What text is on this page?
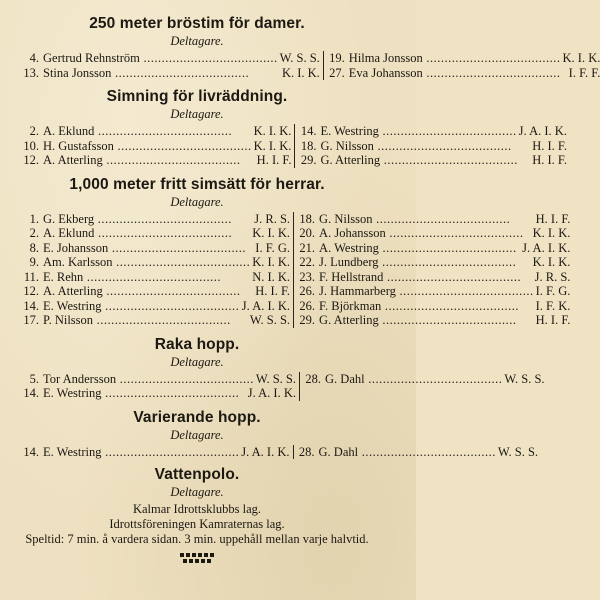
250 meter bröstim för damer.
Deltagare.
4. Gertrud Rehnström .....	W. S. S.
13. Stina Jonsson .....	K. I. K.
19. Hilma Jonsson .....	K. I. K.
27. Eva Johansson .....	I. F. F.
Simning för livräddning.
Deltagare.
2. A. Eklund .....	K. I. K.
10. H. Gustafsson .....	K. I. K.
12. A. Atterling .....	H. I. F.
14. E. Westring .....	J. A. I. K.
18. G. Nilsson .....	H. I. F.
29. G. Atterling .....	H. I. F.
1,000 meter fritt simsätt för herrar.
Deltagare.
1. G. Ekberg .....	J. R. S.
2. A. Eklund .....	K. I. K.
8. E. Johansson .....	I. F. G.
9. Am. Karlsson .....	K. I. K.
11. E. Rehn .....	N. I. K.
12. A. Atterling .....	H. I. F.
14. E. Westring .....	J. A. I. K.
17. P. Nilsson .....	W. S. S.
18. G. Nilsson .....	H. I. F.
20. A. Johansson .....	K. I. K.
21. A. Westring .....	J. A. I. K.
22. J. Lundberg .....	K. I. K.
23. F. Hellstrand .....	J. R. S.
26. J. Hammarberg .....	I. F. G.
26. F. Björkman .....	I. F. K.
29. G. Atterling .....	H. I. F.
Raka hopp.
Deltagare.
5. Tor Andersson .....	W. S. S.
14. E. Westring .....	J. A. I. K.
28. G. Dahl .....	W. S. S.
Varierande hopp.
Deltagare.
14. E. Westring .....	J. A. I. K. 28. G. Dahl .....	W. S. S.
Vattenpolo.
Deltagare.
Kalmar Idrottsklubbs lag.
Idrottsföreningen Kamraternas lag.
Speltid: 7 min. å vardera sidan. 3 min. uppehåll mellan varje halvtid.
